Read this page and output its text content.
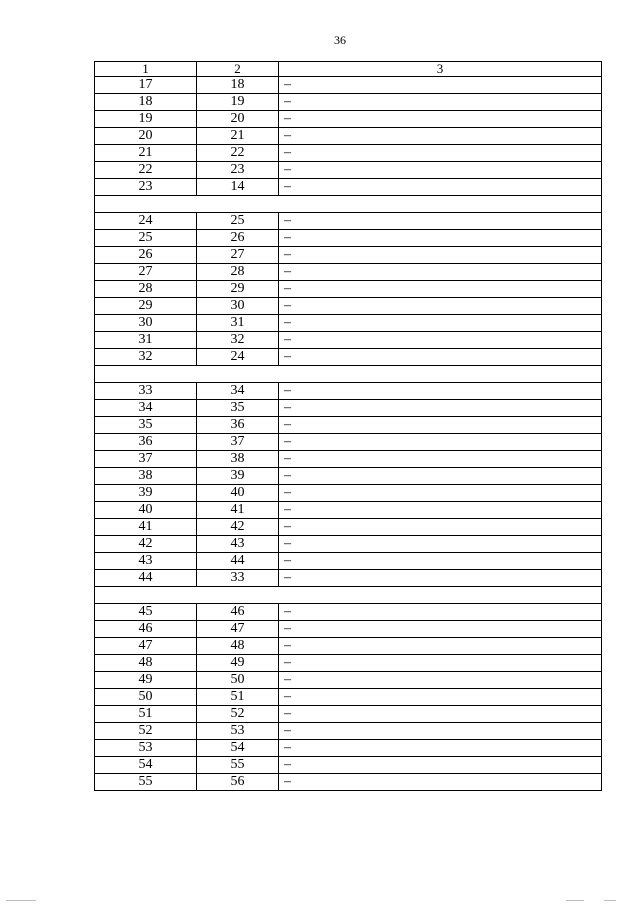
36
1	2	3
17	18	–
18	19	–
19	20	–
20	21	–
21	22	–
22	23	–
23	14	–

24	25	–
25	26	–
26	27	–
27	28	–
28	29	–
29	30	–
30	31	–
31	32	–
32	24	–

33	34	–
34	35	–
35	36	–
36	37	–
37	38	–
38	39	–
39	40	–
40	41	–
41	42	–
42	43	–
43	44	–
44	33	–

45	46	–
46	47	–
47	48	–
48	49	–
49	50	–
50	51	–
51	52	–
52	53	–
53	54	–
54	55	–
55	56	–
